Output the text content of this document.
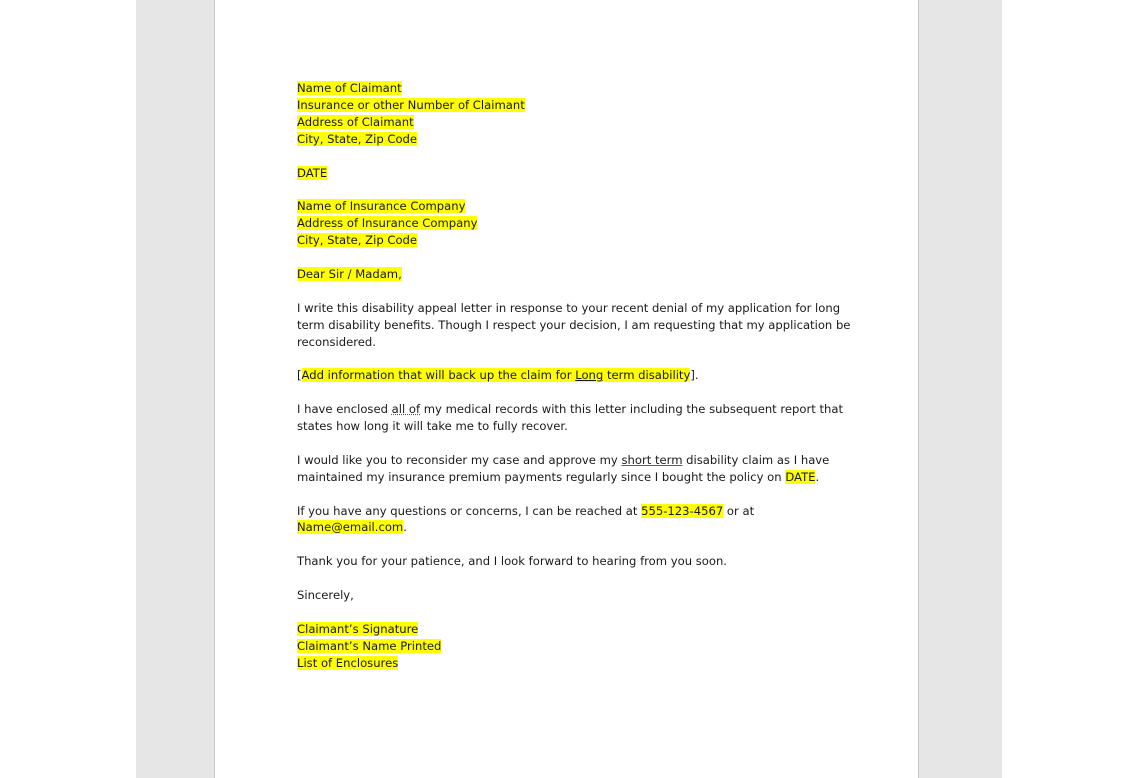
Name of Claimant
Insurance or other Number of Claimant
Address of Claimant
City, State, Zip Code
DATE
Name of Insurance Company
Address of Insurance Company
City, State, Zip Code
Dear Sir / Madam,
I write this disability appeal letter in response to your recent denial of my application for long
term disability benefits. Though I respect your decision, I am requesting that my application be
reconsidered.
[Add information that will back up the claim for Long term disability].
I have enclosed all of my medical records with this letter including the subsequent report that
states how long it will take me to fully recover.
I would like you to reconsider my case and approve my short term disability claim as I have
maintained my insurance premium payments regularly since I bought the policy on DATE.
If you have any questions or concerns, I can be reached at 555-123-4567 or at
Name@email.com.
Thank you for your patience, and I look forward to hearing from you soon.
Sincerely,
Claimant’s Signature
Claimant’s Name Printed
List of Enclosures
